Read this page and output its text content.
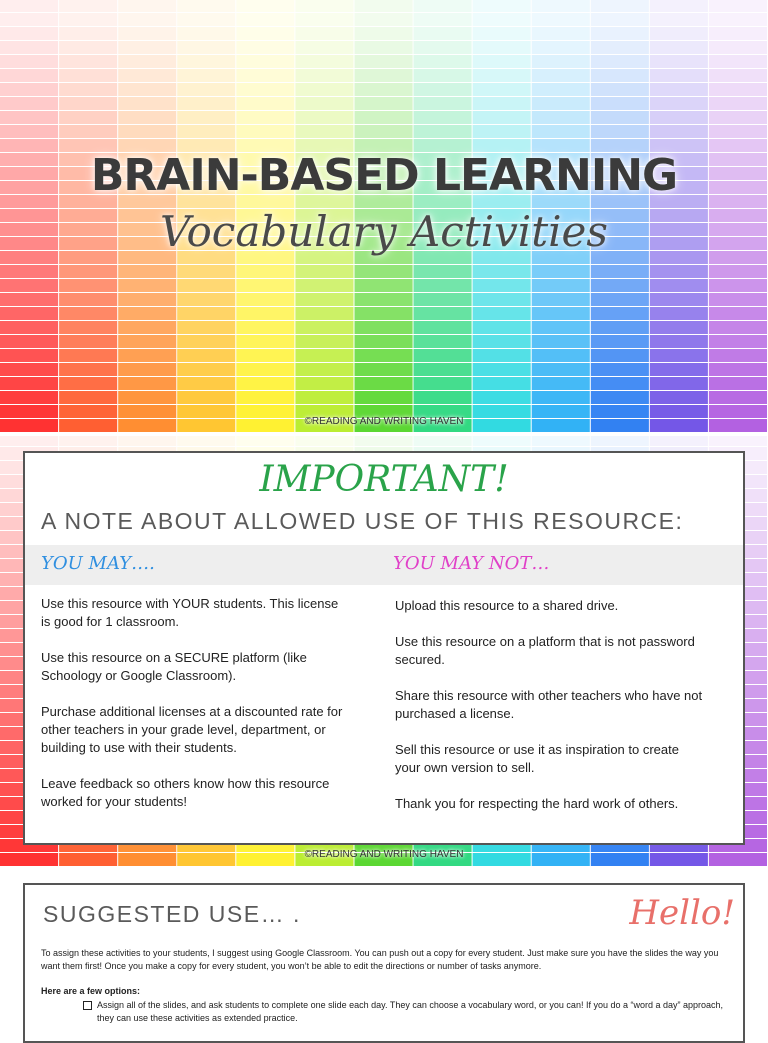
BRAIN-BASED LEARNING
Vocabulary Activities
©READING AND WRITING HAVEN
IMPORTANT!
A NOTE ABOUT ALLOWED USE OF THIS RESOURCE:
YOU MAY….	YOU MAY NOT…

Use this resource with YOUR students. This license is good for 1 classroom.

Use this resource on a SECURE platform (like Schoology or Google Classroom).

Purchase additional licenses at a discounted rate for other teachers in your grade level, department, or building to use with their students.

Leave feedback so others know how this resource worked for your students!

Upload this resource to a shared drive.

Use this resource on a platform that is not password secured.

Share this resource with other teachers who have not purchased a license.

Sell this resource or use it as inspiration to create your own version to sell.

Thank you for respecting the hard work of others.

©READING AND WRITING HAVEN
SUGGESTED USE… .	Hello!

To assign these activities to your students, I suggest using Google Classroom. You can push out a copy for every student. Just make sure you have the slides the way you want them first! Once you make a copy for every student, you won’t be able to edit the directions or number of tasks anymore.

Here are a few options:
Assign all of the slides, and ask students to complete one slide each day. They can choose a vocabulary word, or you can! If you do a “word a day” approach, they can use these activities as extended practice.
